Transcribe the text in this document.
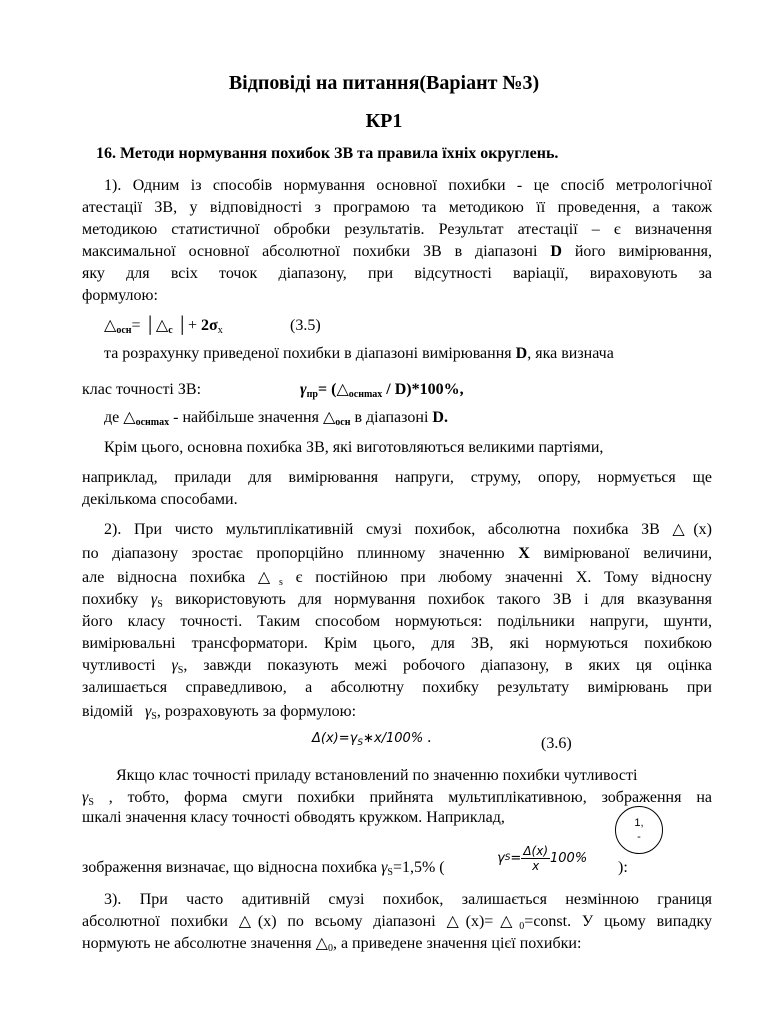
Відповіді на питання(Варіант №3)
КР1
16. Методи нормування похибок ЗВ та правила їхніх округлень.
1). Одним із способів нормування основної похибки - це спосіб метрологічної
атестації ЗВ, у відповідності з програмою та методикою її проведення, а також
методикою статистичної обробки результатів. Результат атестації – є визначення
максимальної основної абсолютної похибки ЗВ в діапазоні D його вимірювання,
яку для всіх точок діапазону, при відсутності варіації, вираховують за
формулою:
$\triangle_{осн}=$ $│\triangle_c$ │+ $2\sigma_x$	(3.5)
та розрахунку приведеної похибки в діапазоні вимірювання D, яка визнача
клас точності ЗВ:	$\gamma_{пр}=$ $(\triangle_{оснmax} / D)*100\%$,
де $\triangle_{оснmax}$ - найбільше значення $\triangle_{осн}$ в діапазоні D.
Крім цього, основна похибка ЗВ, які виготовляються великими партіями,
наприклад, прилади для вимірювання напруги, струму, опору, нормується ще
декількома способами.
2). При чисто мультиплікативній смузі похибок, абсолютна похибка ЗВ △(x)
по діапазону зростає пропорційно плинному значенню X вимірюваної величини,
але відносна похибка $\triangle_s$ є постійною при любому значенні X. Тому відносну
похибку $\gamma_S$ використовують для нормування похибок такого ЗВ і для вказування
його класу точності. Таким способом нормуються: подільники напруги, шунти,
вимірювальні трансформатори. Крім цього, для ЗВ, які нормуються похибкою
чутливості $\gamma_S$, завжди показують межі робочого діапазону, в яких ця оцінка
залишається справедливою, а абсолютну похибку результату вимірювань при
відомій $\gamma_S$, розраховують за формулою:
$\Delta(x)=\gamma_S∗x/100\%$ .	(3.6)
Якщо клас точності приладу встановлений по значенню похибки чутливості
$\gamma_S$ , тобто, форма смуги похибки прийнята мультиплікативною, зображення на
шкалі значення класу точності обводять кружком. Наприклад,	1,
-
зображення визначає, що відносна похибка $\gamma_S=1,5\%$ (
γ $S = \frac{\Delta(x)}{x} 100\%$
):
3). При часто адитивній смузі похибок, залишається незмінною границя
абсолютної похибки △(x) по всьому діапазоні $\triangle(x)=\triangle_0=const$. У цьому випадку
нормують не абсолютне значення $\triangle_0$, а приведене значення цієї похибки:
